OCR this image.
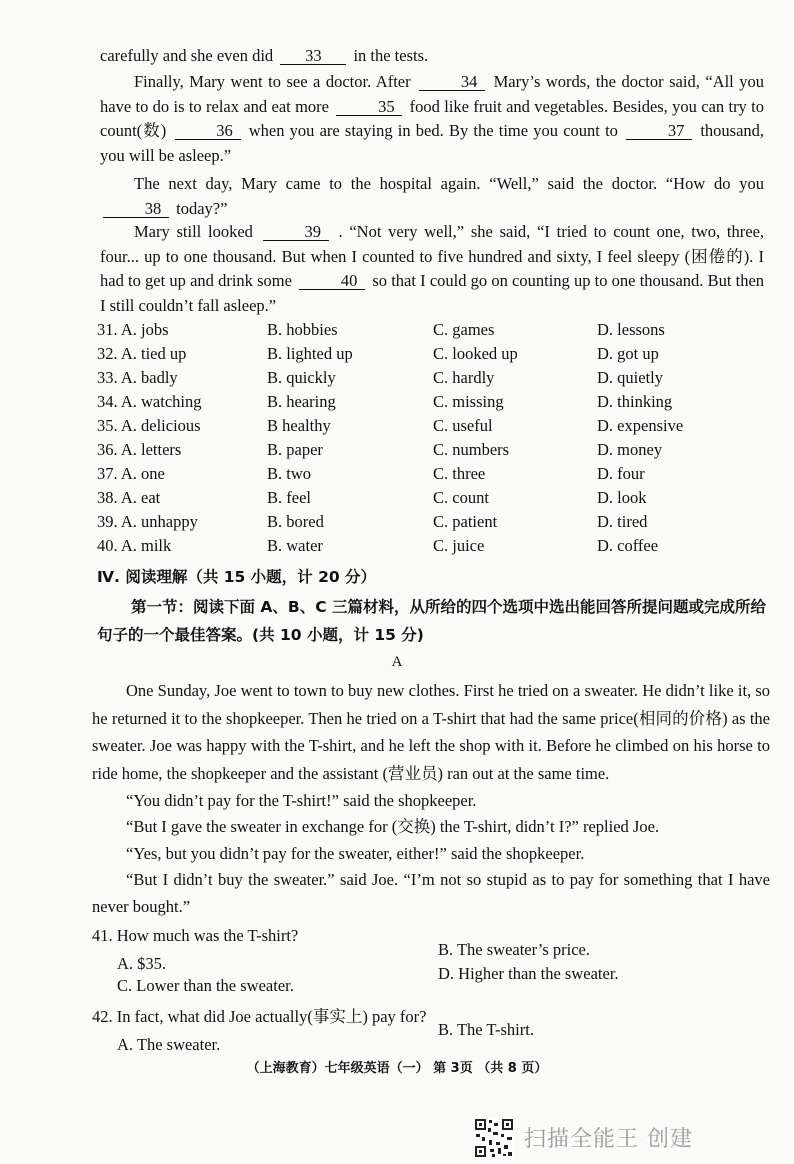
carefully and she even did 33 in the tests.
Finally, Mary went to see a doctor. After	34 Mary’s words, the doctor said, “All you have to do is to relax and eat more	35 food like fruit and vegetables. Besides, you can try to count(数)	36 when you are staying in bed. By the time you count to	37 thousand, you will be asleep.”
The next day, Mary came to the hospital again. “Well,” said the doctor. “How do you 38 today?”
Mary still looked	39 . “Not very well,” she said, “I tried to count one, two, three, four... up to one thousand. But when I counted to five hundred and sixty, I feel sleepy (困倦的). I had to get up and drink some	40 so that I could go on counting up to one thousand. But then I still couldn’t fall asleep.”
31. A. jobs	B. hobbies	C. games	D. lessons
32. A. tied up	B. lighted up	C. looked up	D. got up
33. A. badly	B. quickly	C. hardly	D. quietly
34. A. watching	B. hearing	C. missing	D. thinking
35. A. delicious	B healthy	C. useful	D. expensive
36. A. letters	B. paper	C. numbers	D. money
37. A. one	B. two	C. three	D. four
38. A. eat	B. feel	C. count	D. look
39. A. unhappy	B. bored	C. patient	D. tired
40. A. milk	B. water	C. juice	D. coffee
Ⅳ. 阅读理解（共 15 小题，计 20 分）
第一节：阅读下面 A、B、C 三篇材料，从所给的四个选项中选出能回答所提问题或完成所给句子的一个最佳答案。(共 10 小题，计 15 分)
A
One Sunday, Joe went to town to buy new clothes. First he tried on a sweater. He didn’t like it, so he returned it to the shopkeeper. Then he tried on a T-shirt that had the same price(相同的价格) as the sweater. Joe was happy with the T-shirt, and he left the shop with it. Before he climbed on his horse to ride home, the shopkeeper and the assistant (营业员) ran out at the same time.
“You didn’t pay for the T-shirt!” said the shopkeeper.
“But I gave the sweater in exchange for (交换) the T-shirt, didn’t I?” replied Joe.
“Yes, but you didn’t pay for the sweater, either!” said the shopkeeper.
“But I didn’t buy the sweater.” said Joe. “I’m not so stupid as to pay for something that I have never bought.”
41. How much was the T-shirt?
A. $35.
B. The sweater’s price.
C. Lower than the sweater.
D. Higher than the sweater.
42. In fact, what did Joe actually(事实上) pay for?
A. The sweater.
B. The T-shirt.
（上海教育）七年级英语（一） 第 3页 （共 8 页）
扫描全能王 创建
